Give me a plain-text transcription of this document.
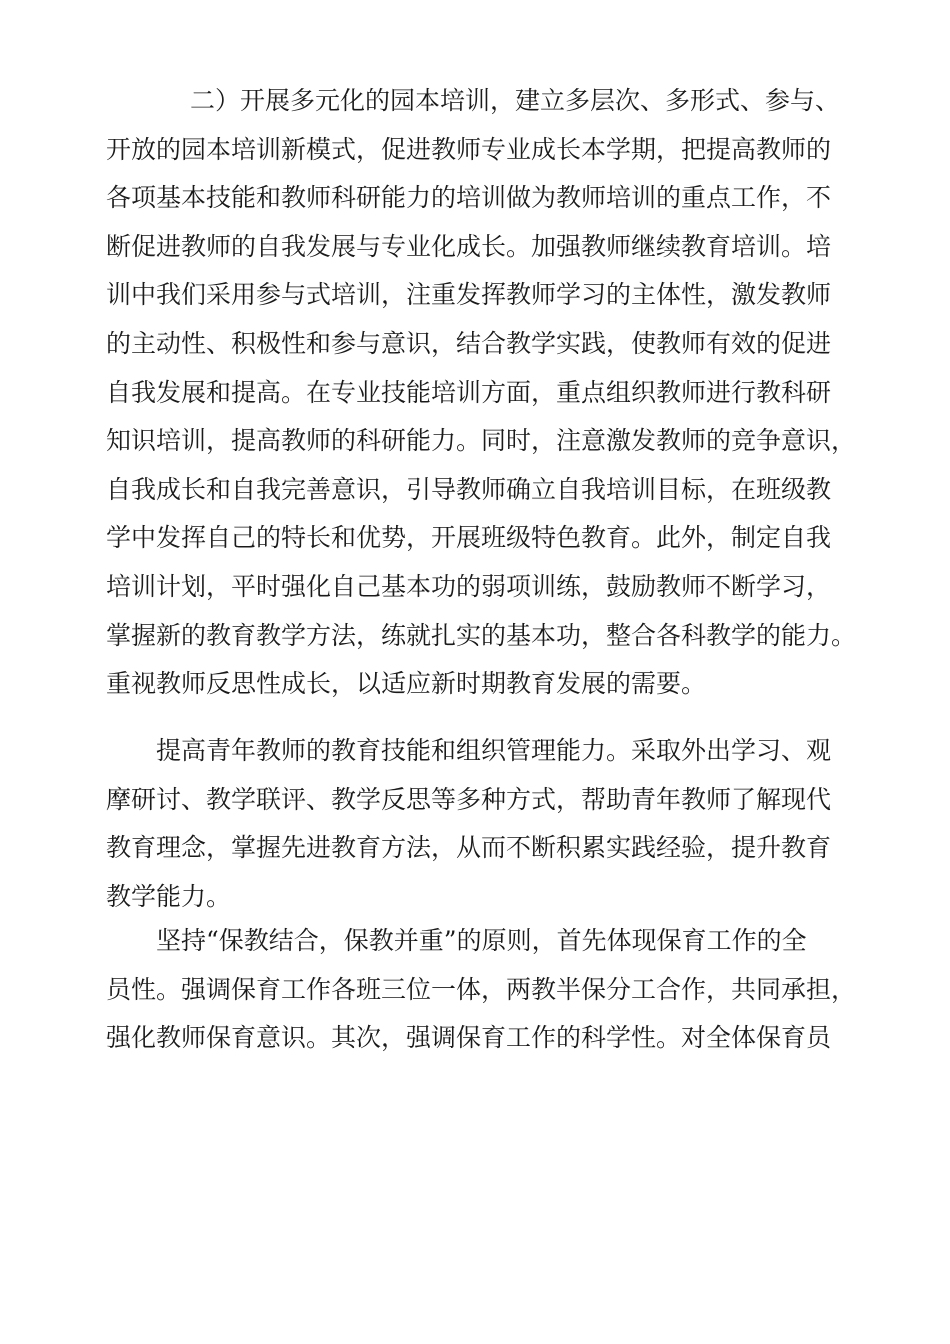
二）开展多元化的园本培训，建立多层次、多形式、参与、
开放的园本培训新模式，促进教师专业成长本学期，把提高教师的
各项基本技能和教师科研能力的培训做为教师培训的重点工作，不
断促进教师的自我发展与专业化成长。加强教师继续教育培训。培
训中我们采用参与式培训，注重发挥教师学习的主体性，激发教师
的主动性、积极性和参与意识，结合教学实践，使教师有效的促进
自我发展和提高。在专业技能培训方面，重点组织教师进行教科研
知识培训，提高教师的科研能力。同时，注意激发教师的竞争意识，
自我成长和自我完善意识，引导教师确立自我培训目标，在班级教
学中发挥自己的特长和优势，开展班级特色教育。此外，制定自我
培训计划，平时强化自己基本功的弱项训练，鼓励教师不断学习，
掌握新的教育教学方法，练就扎实的基本功，整合各科教学的能力。
重视教师反思性成长，以适应新时期教育发展的需要。
提高青年教师的教育技能和组织管理能力。采取外出学习、观
摩研讨、教学联评、教学反思等多种方式，帮助青年教师了解现代
教育理念，掌握先进教育方法，从而不断积累实践经验，提升教育
教学能力。
坚持“保教结合，保教并重”的原则，首先体现保育工作的全
员性。强调保育工作各班三位一体，两教半保分工合作，共同承担，
强化教师保育意识。其次，强调保育工作的科学性。对全体保育员
